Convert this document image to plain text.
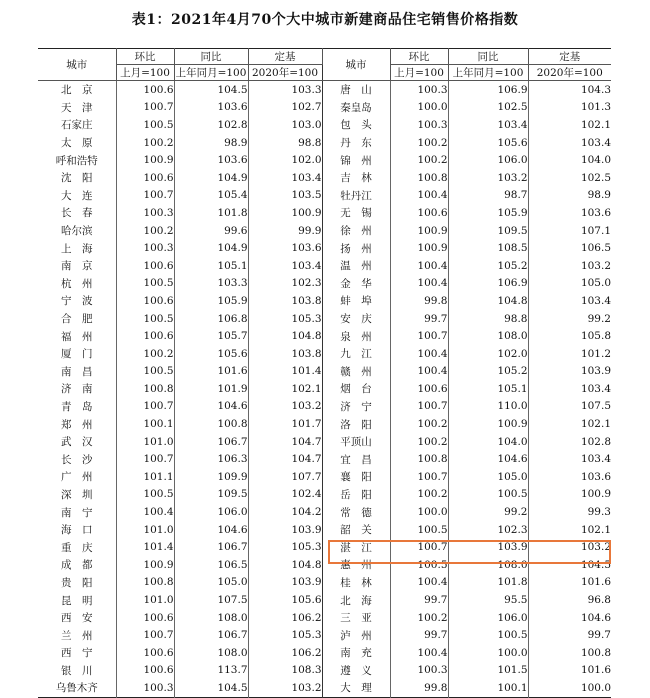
表1：2021年4月70个大中城市新建商品住宅销售价格指数
城市	环比	同比	定基	城市	环比	同比	定基
	上月=100	上年同月=100	2020年=100		上月=100	上年同月=100	2020年=100
北　京	100.6	104.5	103.3	唐　山	100.3	106.9	104.3
天　津	100.7	103.6	102.7	秦皇岛	100.0	102.5	101.3
石家庄	100.5	102.8	103.0	包　头	100.3	103.4	102.1
太　原	100.2	98.9	98.8	丹　东	100.2	105.6	103.4
呼和浩特	100.9	103.6	102.0	锦　州	100.2	106.0	104.0
沈　阳	100.6	104.9	103.4	吉　林	100.8	103.2	102.5
大　连	100.7	105.4	103.5	牡丹江	100.4	98.7	98.9
长　春	100.3	101.8	100.9	无　锡	100.6	105.9	103.6
哈尔滨	100.2	99.6	99.9	徐　州	100.9	109.5	107.1
上　海	100.3	104.9	103.6	扬　州	100.9	108.5	106.5
南　京	100.6	105.1	103.4	温　州	100.4	105.2	103.2
杭　州	100.5	103.3	102.3	金　华	100.4	106.9	105.0
宁　波	100.6	105.9	103.8	蚌　埠	99.8	104.8	103.4
合　肥	100.5	106.8	105.3	安　庆	99.7	98.8	99.2
福　州	100.6	105.7	104.8	泉　州	100.7	108.0	105.8
厦　门	100.2	105.6	103.8	九　江	100.4	102.0	101.2
南　昌	100.5	101.6	101.4	赣　州	100.4	105.2	103.9
济　南	100.8	101.9	102.1	烟　台	100.6	105.1	103.4
青　岛	100.7	104.6	103.2	济　宁	100.7	110.0	107.5
郑　州	100.1	100.8	101.7	洛　阳	100.2	100.9	102.1
武　汉	101.0	106.7	104.7	平顶山	100.2	104.0	102.8
长　沙	100.7	106.3	104.7	宜　昌	100.8	104.6	103.4
广　州	101.1	109.9	107.7	襄　阳	100.7	105.0	103.6
深　圳	100.5	109.5	102.4	岳　阳	100.2	100.5	100.9
南　宁	100.4	106.0	104.2	常　德	100.0	99.2	99.3
海　口	101.0	104.6	103.9	韶　关	100.5	102.3	102.1
重　庆	101.4	106.7	105.3	湛　江	100.7	103.9	103.2
成　都	100.9	106.5	104.8	惠　州	100.5	108.0	104.5
贵　阳	100.8	105.0	103.9	桂　林	100.4	101.8	101.6
昆　明	101.0	107.5	105.6	北　海	99.7	95.5	96.8
西　安	100.6	108.0	106.2	三　亚	100.2	106.0	104.6
兰　州	100.7	106.7	105.3	泸　州	99.7	100.5	99.7
西　宁	100.6	108.0	106.2	南　充	100.4	100.0	100.8
银　川	100.6	113.7	108.3	遵　义	100.3	101.5	101.6
乌鲁木齐	100.3	104.5	103.2	大　理	99.8	100.1	100.0
